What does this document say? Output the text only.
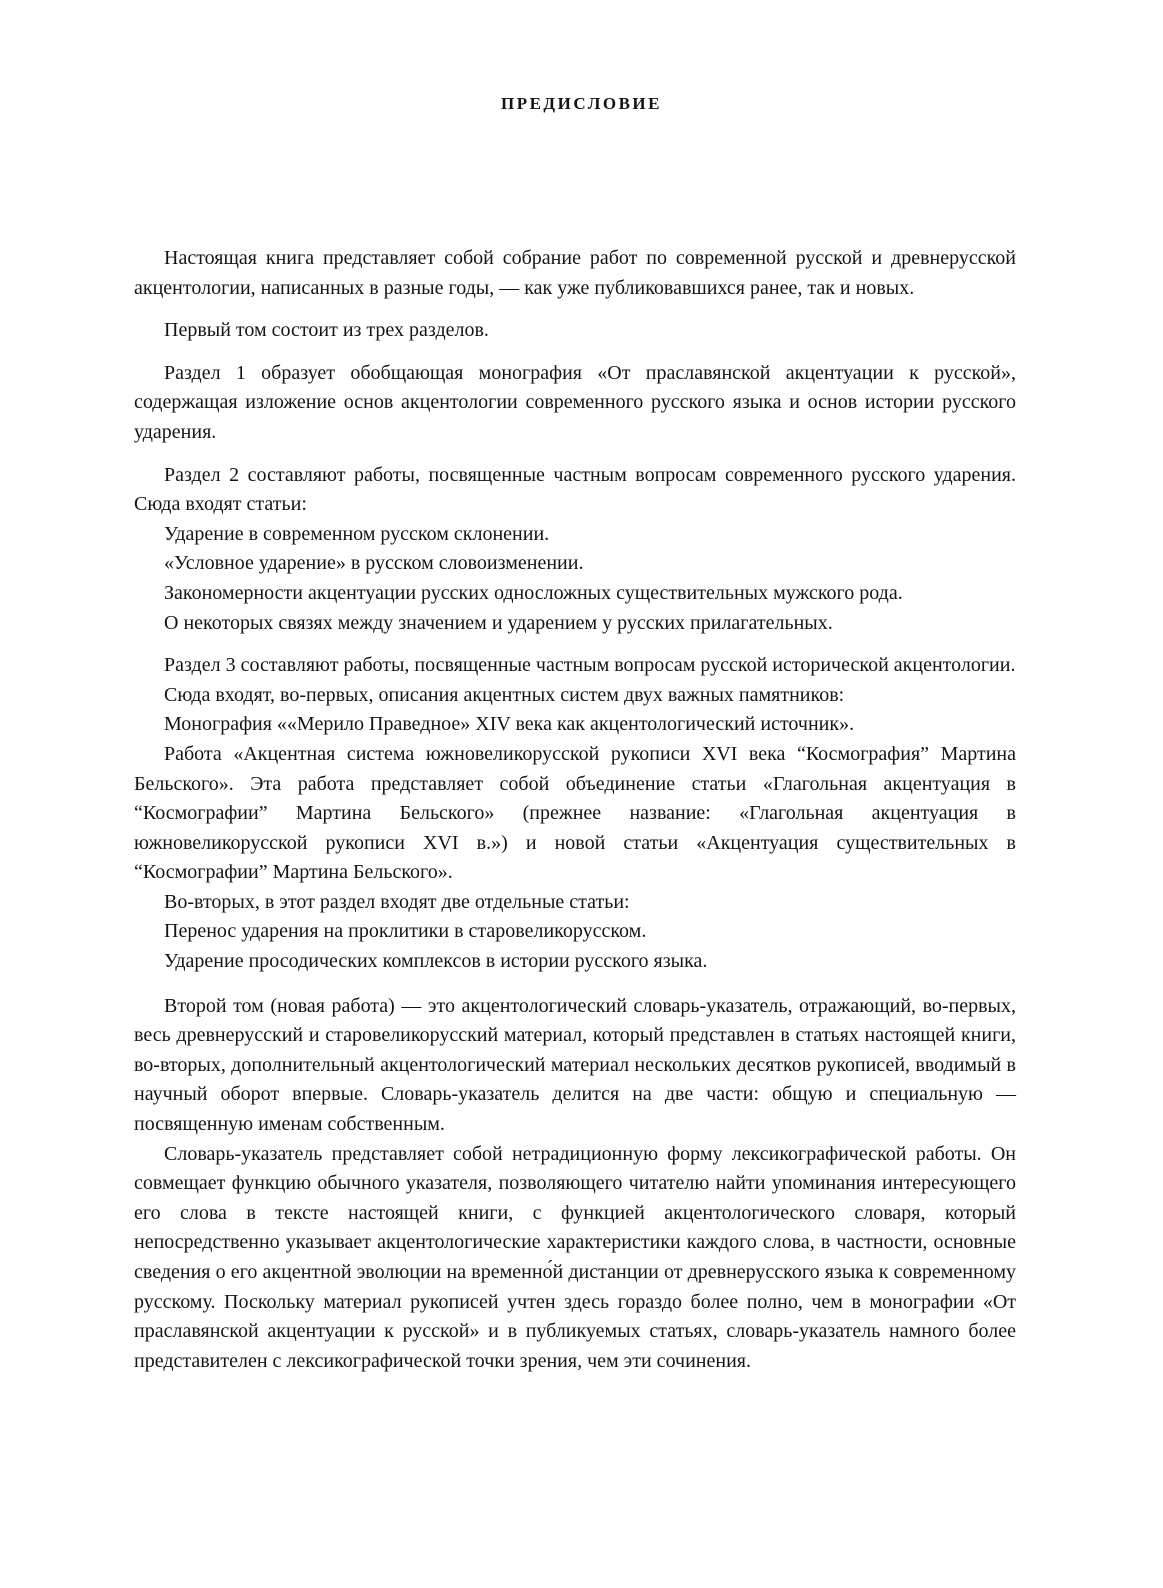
ПРЕДИСЛОВИЕ

Настоящая книга представляет собой собрание работ по современной русской и древнерусской акцентологии, написанных в разные годы, — как уже публиковавшихся ранее, так и новых.

Первый том состоит из трех разделов.

Раздел 1 образует обобщающая монография «От праславянской акцентуации к русской», содержащая изложение основ акцентологии современного русского языка и основ истории русского ударения.

Раздел 2 составляют работы, посвященные частным вопросам современного русского ударения. Сюда входят статьи:

Ударение в современном русском склонении.

«Условное ударение» в русском словоизменении.

Закономерности акцентуации русских односложных существительных мужского рода.

О некоторых связях между значением и ударением у русских прилагательных.

Раздел 3 составляют работы, посвященные частным вопросам русской исторической акцентологии.

Сюда входят, во-первых, описания акцентных систем двух важных памятников:

Монография ««Мерило Праведное» XIV века как акцентологический источник».

Работа «Акцентная система южновеликорусской рукописи XVI века “Космография” Мартина Бельского». Эта работа представляет собой объединение статьи «Глагольная акцентуация в “Космографии” Мартина Бельского» (прежнее название: «Глагольная акцентуация в южновеликорусской рукописи XVI в.») и новой статьи «Акцентуация существительных в “Космографии” Мартина Бельского».

Во-вторых, в этот раздел входят две отдельные статьи:

Перенос ударения на проклитики в старовеликорусском.

Ударение просодических комплексов в истории русского языка.

Второй том (новая работа) — это акцентологический словарь-указатель, отражающий, во-первых, весь древнерусский и старовеликорусский материал, который представлен в статьях настоящей книги, во-вторых, дополнительный акцентологический материал нескольких десятков рукописей, вводимый в научный оборот впервые. Словарь-указатель делится на две части: общую и специальную — посвященную именам собственным.

Словарь-указатель представляет собой нетрадиционную форму лексикографической работы. Он совмещает функцию обычного указателя, позволяющего читателю найти упоминания интересующего его слова в тексте настоящей книги, с функцией акцентологического словаря, который непосредственно указывает акцентологические характеристики каждого слова, в частности, основные сведения о его акцентной эволюции на временно́й дистанции от древнерусского языка к современному русскому. Поскольку материал рукописей учтен здесь гораздо более полно, чем в монографии «От праславянской акцентуации к русской» и в публикуемых статьях, словарь-указатель намного более представителен с лексикографической точки зрения, чем эти сочинения.
